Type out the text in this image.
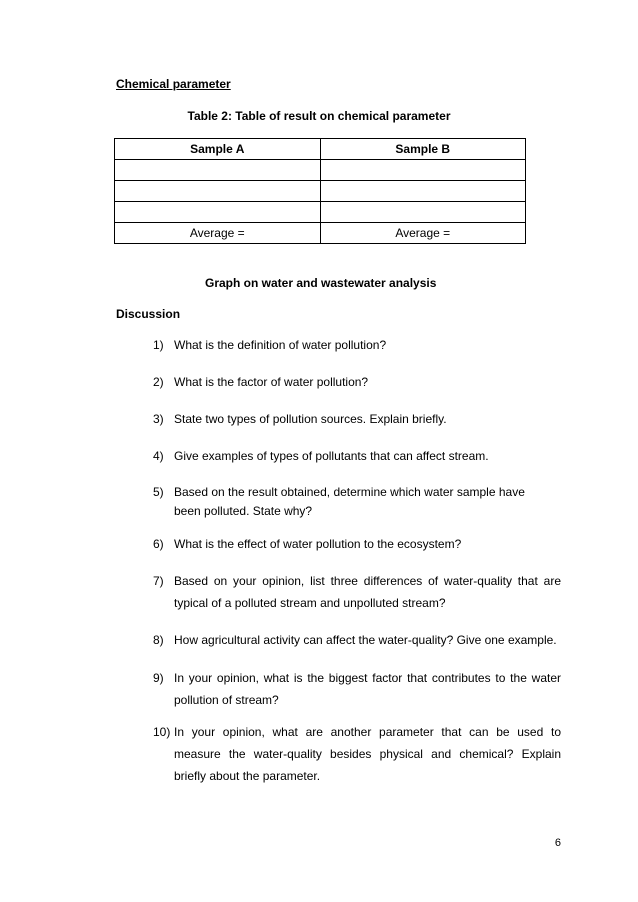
Chemical parameter
Table 2: Table of result on chemical parameter
Sample A	Sample B

Average =	Average =
Graph on water and wastewater analysis
Discussion
1) What is the definition of water pollution?
2) What is the factor of water pollution?
3) State two types of pollution sources. Explain briefly.
4) Give examples of types of pollutants that can affect stream.
5) Based on the result obtained, determine which water sample have been polluted. State why?
6) What is the effect of water pollution to the ecosystem?
7) Based on your opinion, list three differences of water-quality that are typical of a polluted stream and unpolluted stream?
8) How agricultural activity can affect the water-quality? Give one example.
9) In your opinion, what is the biggest factor that contributes to the water pollution of stream?
10) In your opinion, what are another parameter that can be used to measure the water-quality besides physical and chemical? Explain briefly about the parameter.
6
